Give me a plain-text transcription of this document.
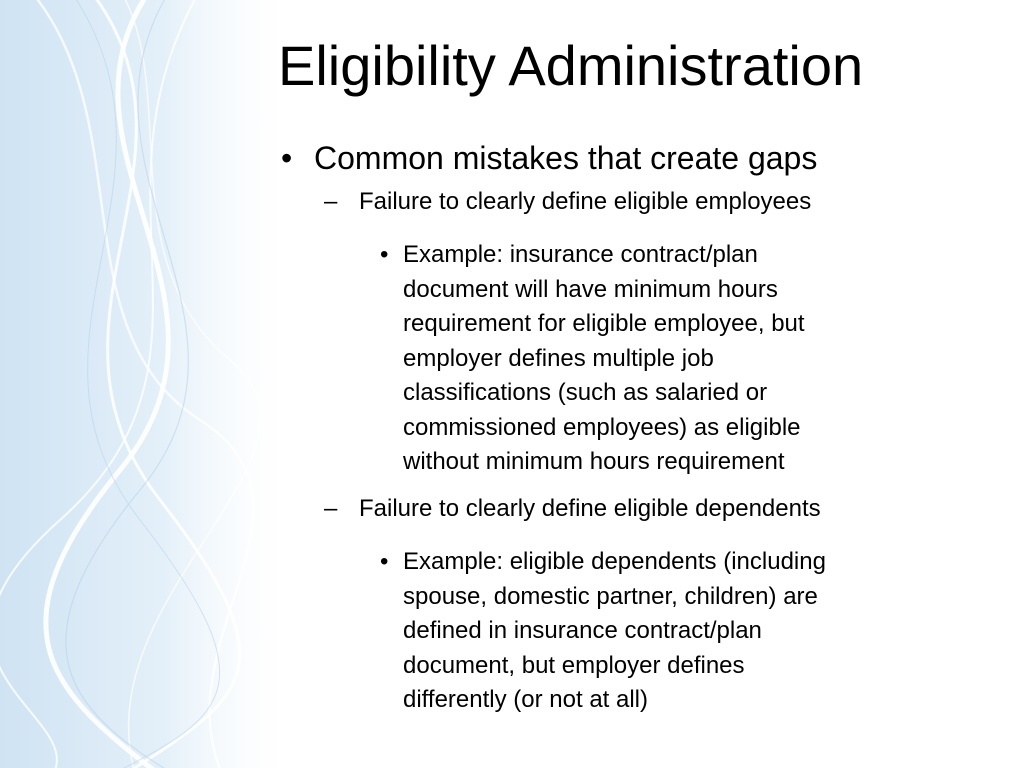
Eligibility Administration
• Common mistakes that create gaps
– Failure to clearly define eligible employees
• Example: insurance contract/plan
document will have minimum hours
requirement for eligible employee, but
employer defines multiple job
classifications (such as salaried or
commissioned employees) as eligible
without minimum hours requirement
– Failure to clearly define eligible dependents
• Example: eligible dependents (including
spouse, domestic partner, children) are
defined in insurance contract/plan
document, but employer defines
differently (or not at all)
